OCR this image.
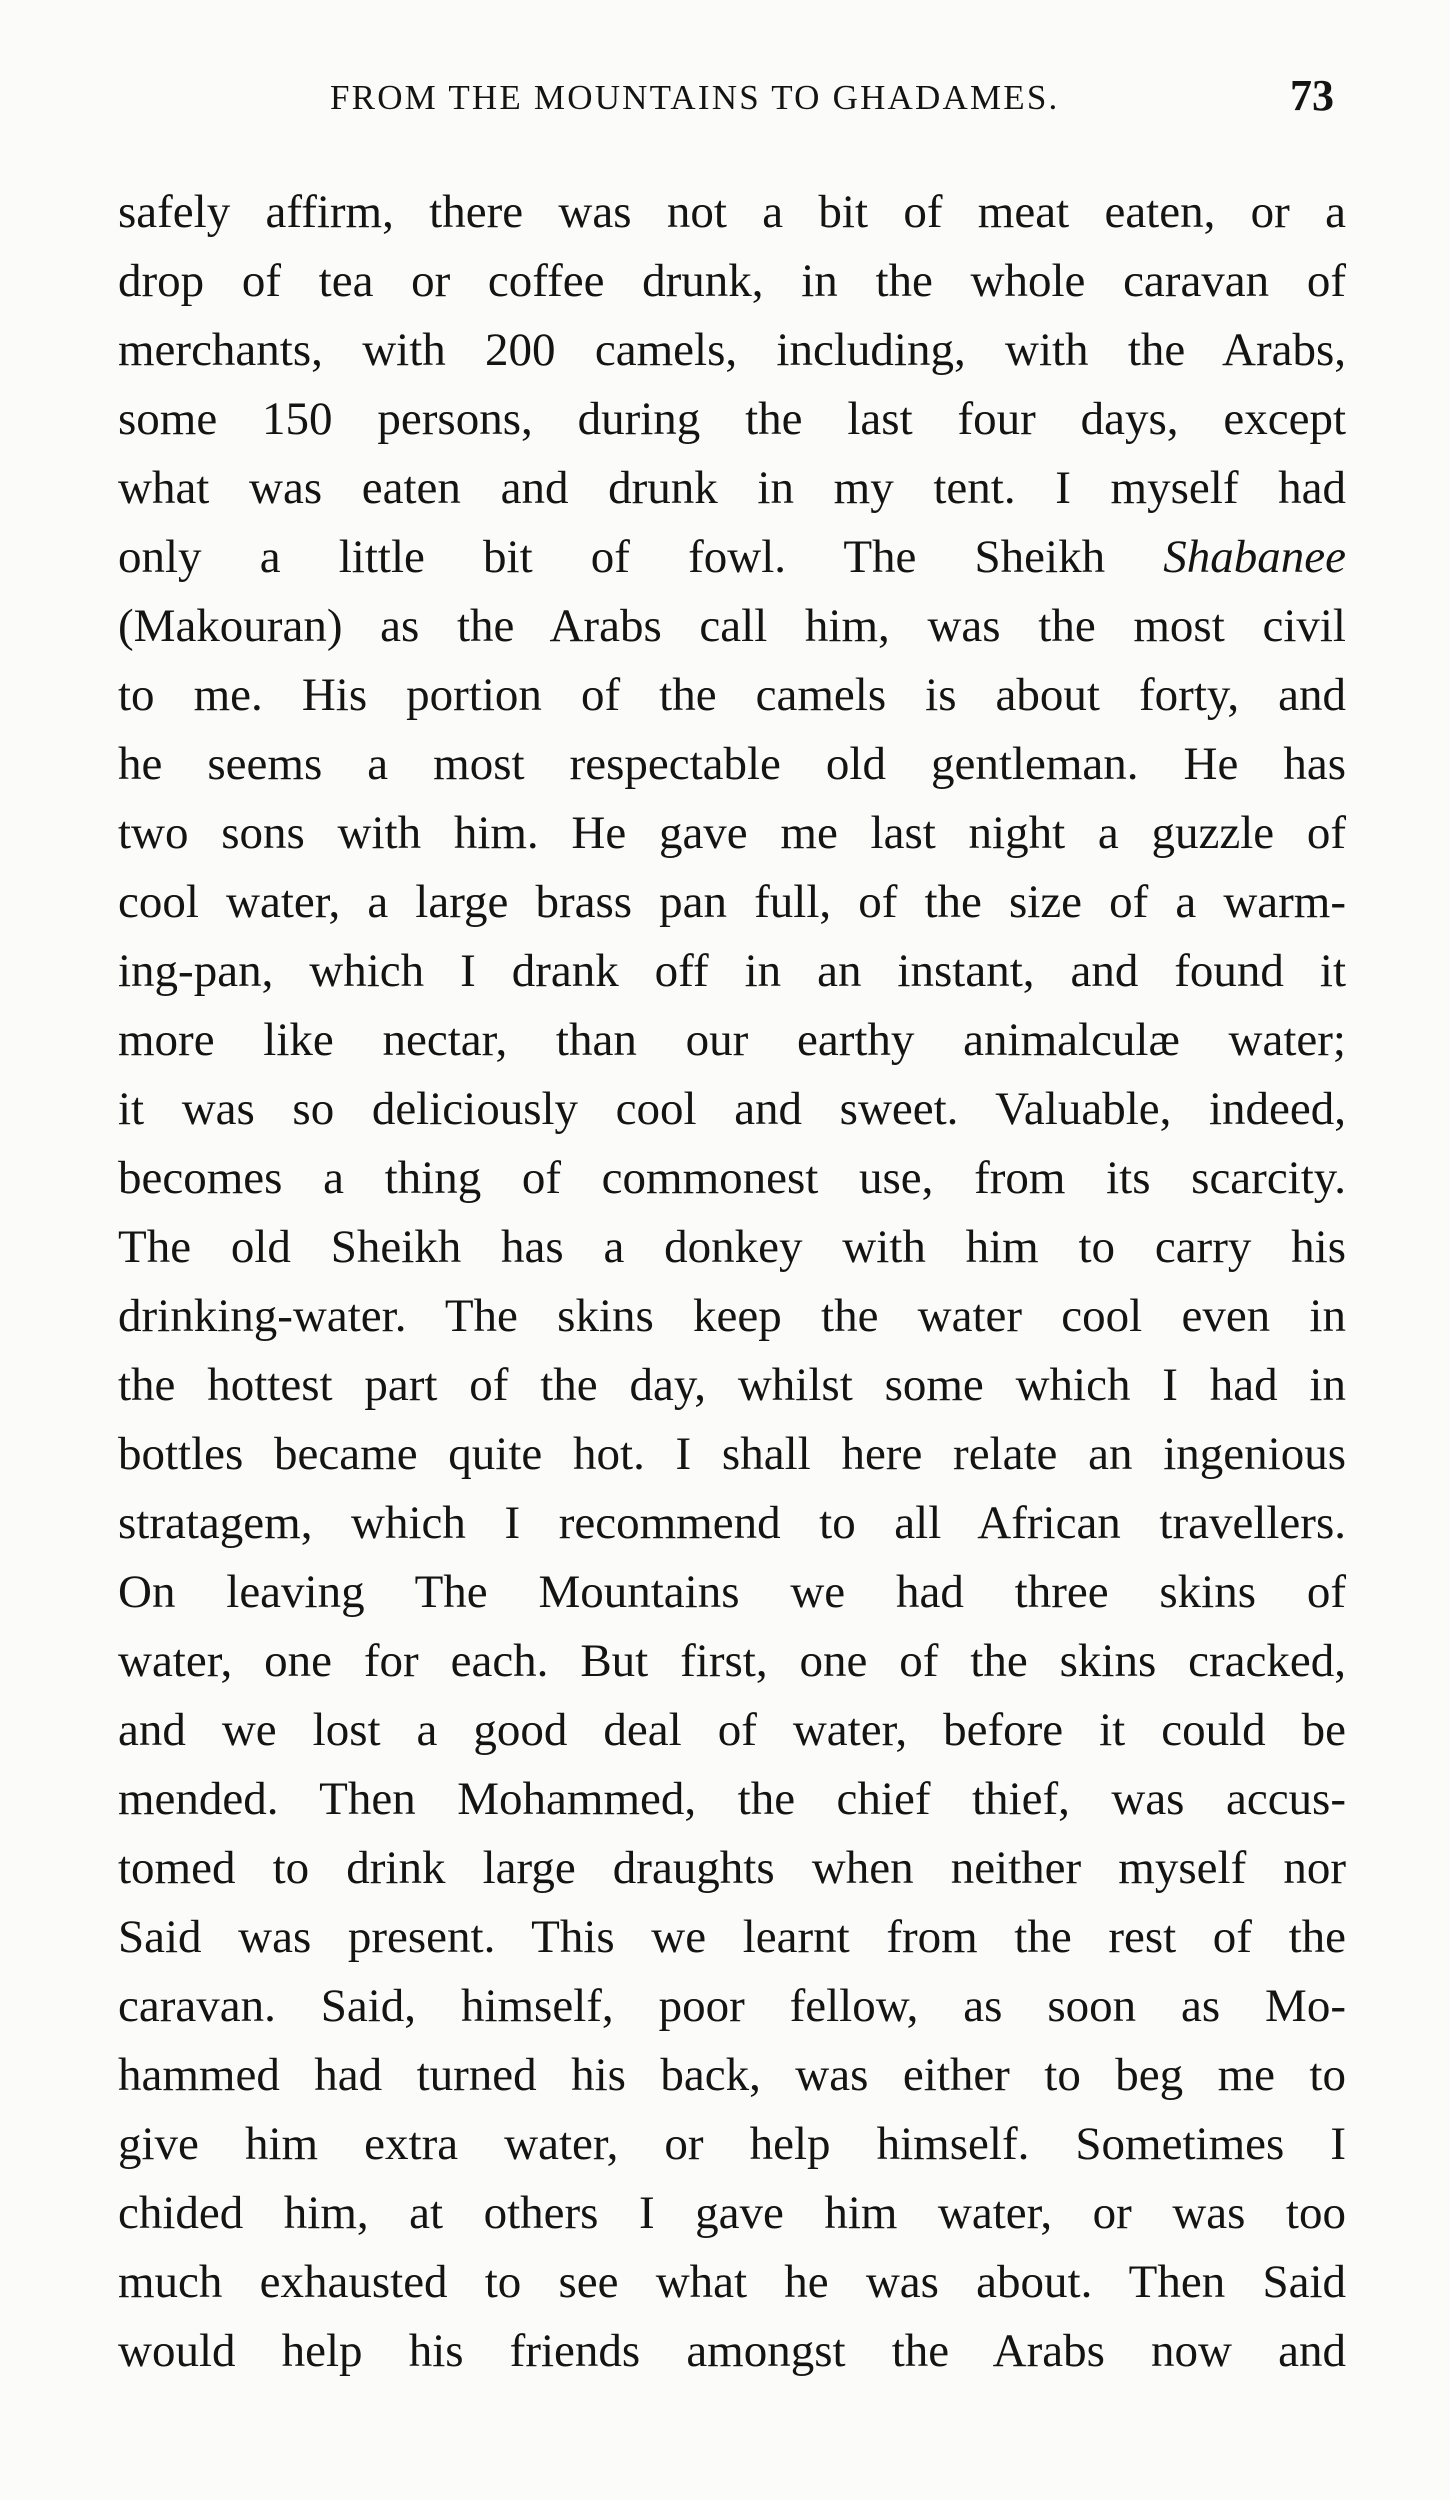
FROM THE MOUNTAINS TO GHADAMES.	73
safely affirm, there was not a bit of meat eaten, or a
drop of tea or coffee drunk, in the whole caravan of
merchants, with 200 camels, including, with the Arabs,
some 150 persons, during the last four days, except
what was eaten and drunk in my tent. I myself had
only a little bit of fowl. The Sheikh Shabanee
(Makouran) as the Arabs call him, was the most civil
to me. His portion of the camels is about forty, and
he seems a most respectable old gentleman. He has
two sons with him. He gave me last night a guzzle of
cool water, a large brass pan full, of the size of a warm-
ing-pan, which I drank off in an instant, and found it
more like nectar, than our earthy animalculæ water;
it was so deliciously cool and sweet. Valuable, indeed,
becomes a thing of commonest use, from its scarcity.
The old Sheikh has a donkey with him to carry his
drinking-water. The skins keep the water cool even in
the hottest part of the day, whilst some which I had in
bottles became quite hot. I shall here relate an ingenious
stratagem, which I recommend to all African travellers.
On leaving The Mountains we had three skins of
water, one for each. But first, one of the skins cracked,
and we lost a good deal of water, before it could be
mended. Then Mohammed, the chief thief, was accus-
tomed to drink large draughts when neither myself nor
Said was present. This we learnt from the rest of the
caravan. Said, himself, poor fellow, as soon as Mo-
hammed had turned his back, was either to beg me to
give him extra water, or help himself. Sometimes I
chided him, at others I gave him water, or was too
much exhausted to see what he was about. Then Said
would help his friends amongst the Arabs now and
